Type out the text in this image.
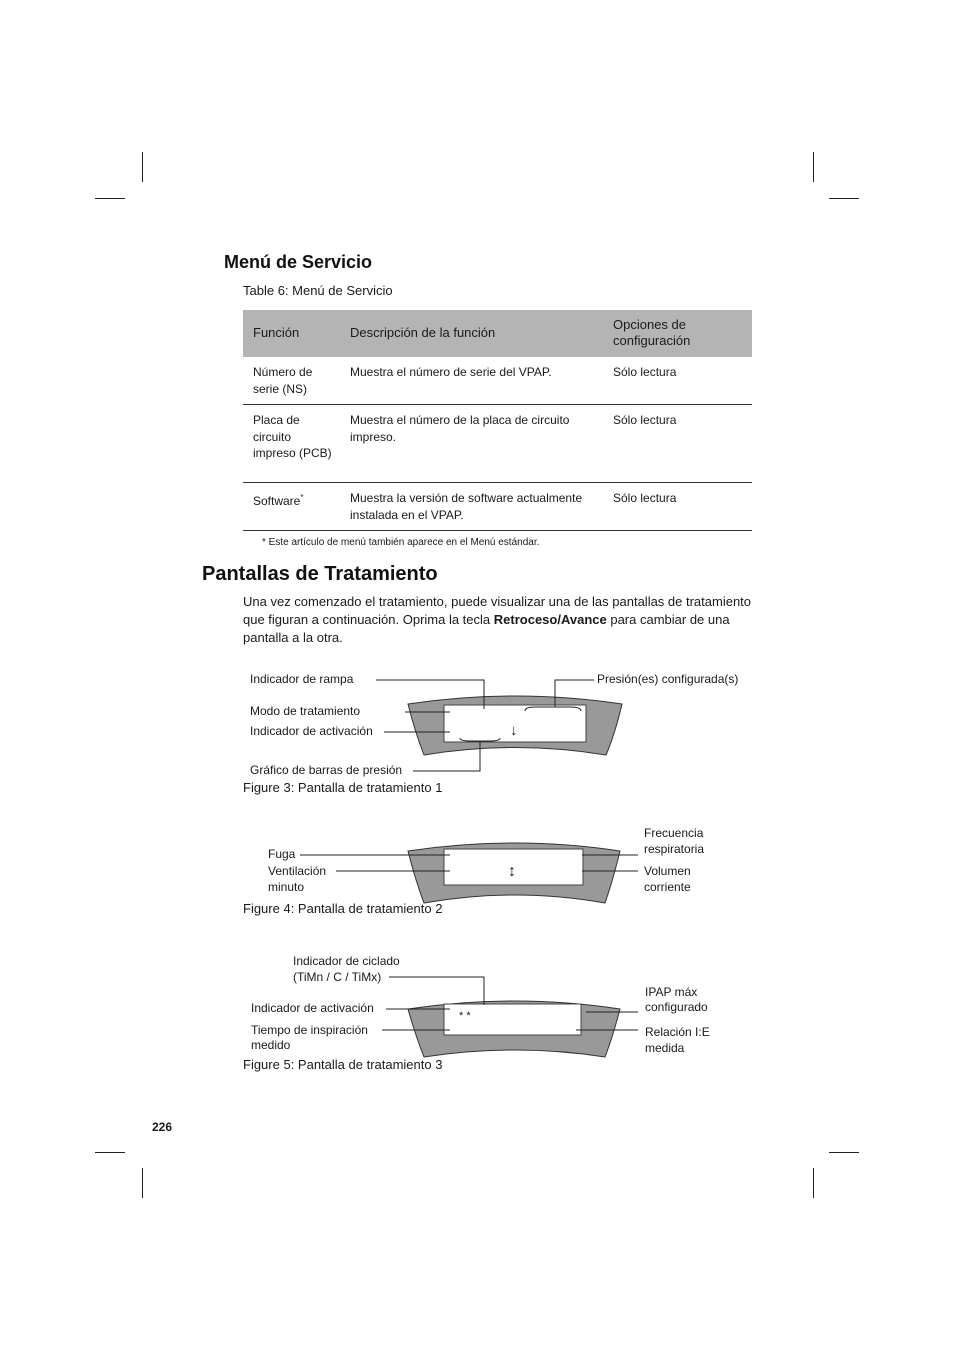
Menú de Servicio
Table 6: Menú de Servicio
Función	Descripción de la función	Opciones de configuración
Número de serie (NS)	Muestra el número de serie del VPAP.	Sólo lectura
Placa de circuito impreso (PCB)	Muestra el número de la placa de circuito impreso.	Sólo lectura
Software*	Muestra la versión de software actualmente instalada en el VPAP.	Sólo lectura
* Este artículo de menú también aparece en el Menú estándar.
Pantallas de Tratamiento
Una vez comenzado el tratamiento, puede visualizar una de las pantallas de tratamiento que figuran a continuación. Oprima la tecla Retroceso/Avance para cambiar de una pantalla a la otra.
Indicador de rampa
Modo de tratamiento
Indicador de activación
Gráfico de barras de presión
Presión(es) configurada(s)
↓
Figure 3: Pantalla de tratamiento 1
Fuga
Ventilación
minuto
Frecuencia
respiratoria
Volumen
corriente
↕
Figure 4: Pantalla de tratamiento 2
Indicador de ciclado
(TiMn / C / TiMx)
Indicador de activación
Tiempo de inspiración
medido
IPAP máx
configurado
Relación I:E
medida
* *
Figure 5: Pantalla de tratamiento 3
226
